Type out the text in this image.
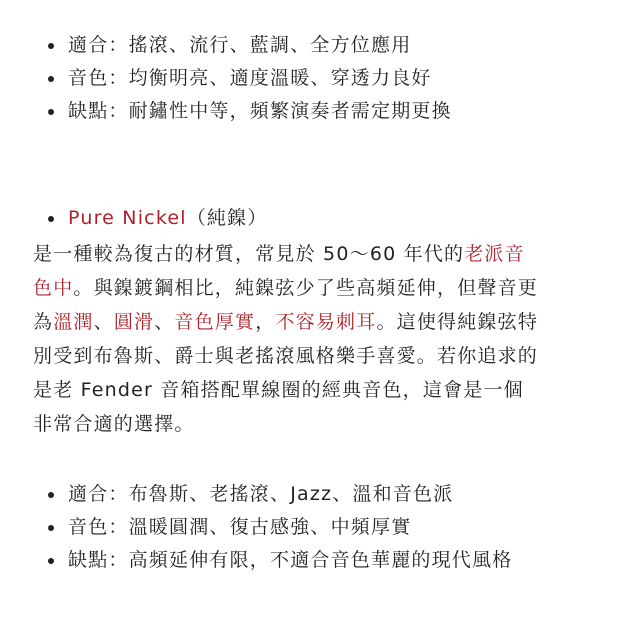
適合：搖滾、流行、藍調、全方位應用
音色：均衡明亮、適度溫暖、穿透力良好
缺點：耐鏽性中等，頻繁演奏者需定期更換
Pure Nickel（純鎳）
是一種較為復古的材質，常見於 50～60 年代的老派音
色中。與鎳鍍鋼相比，純鎳弦少了些高頻延伸，但聲音更
為溫潤、圓滑、音色厚實，不容易刺耳。這使得純鎳弦特
別受到布魯斯、爵士與老搖滾風格樂手喜愛。若你追求的
是老 Fender 音箱搭配單線圈的經典音色，這會是一個
非常合適的選擇。
適合：布魯斯、老搖滾、Jazz、溫和音色派
音色：溫暖圓潤、復古感強、中頻厚實
缺點：高頻延伸有限，不適合音色華麗的現代風格
